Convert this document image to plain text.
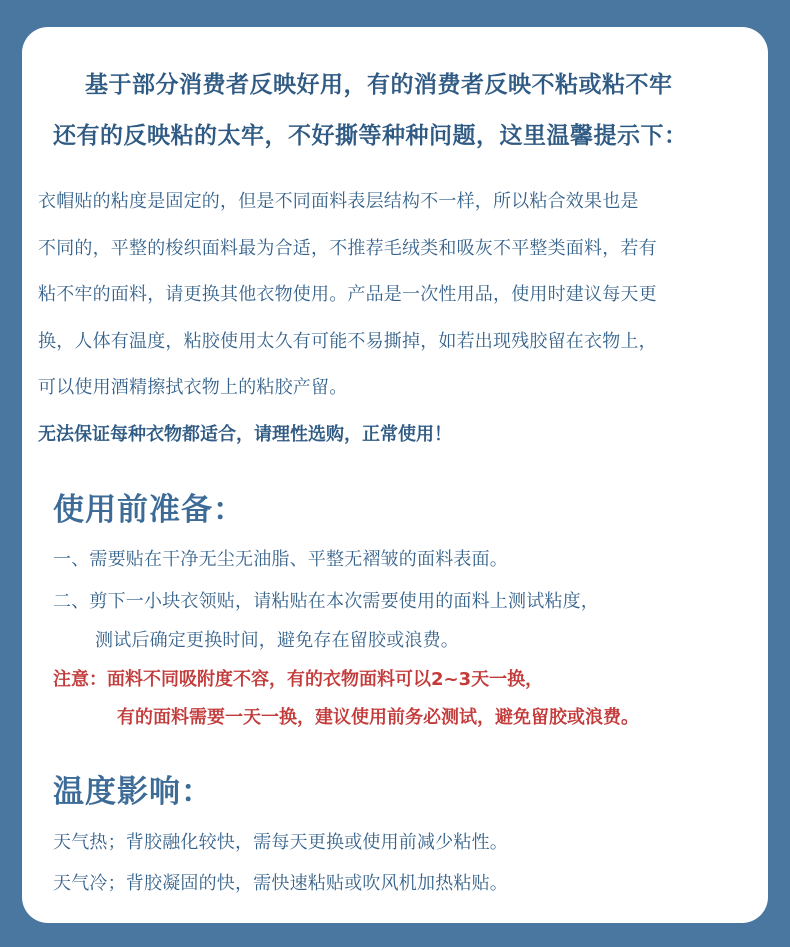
基于部分消费者反映好用，有的消费者反映不粘或粘不牢
还有的反映粘的太牢，不好撕等种种问题，这里温馨提示下：
衣帽贴的粘度是固定的，但是不同面料表层结构不一样，所以粘合效果也是
不同的，平整的梭织面料最为合适，不推荐毛绒类和吸灰不平整类面料，若有
粘不牢的面料，请更换其他衣物使用。产品是一次性用品，使用时建议每天更
换，人体有温度，粘胶使用太久有可能不易撕掉，如若出现残胶留在衣物上，
可以使用酒精擦拭衣物上的粘胶产留。
无法保证每种衣物都适合，请理性选购，正常使用！
使用前准备：
一、需要贴在干净无尘无油脂、平整无褶皱的面料表面。
二、剪下一小块衣领贴，请粘贴在本次需要使用的面料上测试粘度，
测试后确定更换时间，避免存在留胶或浪费。
注意：面料不同吸附度不容，有的衣物面料可以2~3天一换，
有的面料需要一天一换，建议使用前务必测试，避免留胶或浪费。
温度影响：
天气热；背胶融化较快，需每天更换或使用前减少粘性。
天气冷；背胶凝固的快，需快速粘贴或吹风机加热粘贴。
